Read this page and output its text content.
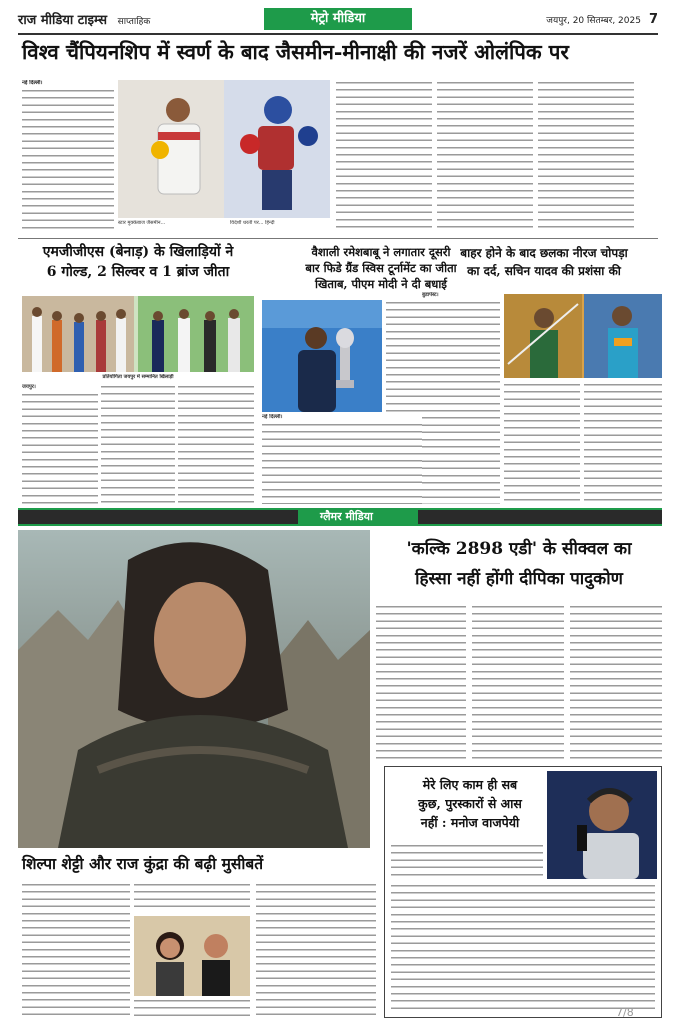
राज मीडिया टाइम्स साप्ताहिक	मेट्रो मीडिया	जयपुर, 20 सितम्बर, 2025 7
विश्व चैंपियनशिप में स्वर्ण के बाद जैसमीन-मीनाक्षी की नजरें ओलंपिक पर
स्टार मुक्केबाज जैसमीन...	विदेशी धरती पर... हिन्दी
नई दिल्ली।
एमजीजीएस (बेनाड़) के खिलाड़ियों ने
6 गोल्ड, 2 सिल्वर व 1 ब्रांज जीता
प्रतियोगिता जयपुर में सम्मानित खिलाड़ी
जयपुर।
वैशाली रमेशबाबू ने लगातार दूसरी
बार फिडे ग्रैंड स्विस टूर्नामेंट का जीता
खिताब, पीएम मोदी ने दी बधाई
नई दिल्ली।
बाहर होने के बाद छलका नीरज चोपड़ा
का दर्द, सचिन यादव की प्रशंसा की
बुडापेस्ट।
ग्लैमर मीडिया
'कल्कि 2898 एडी' के सीक्वल का
हिस्सा नहीं होंगी दीपिका पादुकोण
मेरे लिए काम ही सब
कुछ, पुरस्कारों से आस
नहीं : मनोज वाजपेयी
शिल्पा शेट्टी और राज कुंद्रा की बढ़ी मुसीबतें
7/8
